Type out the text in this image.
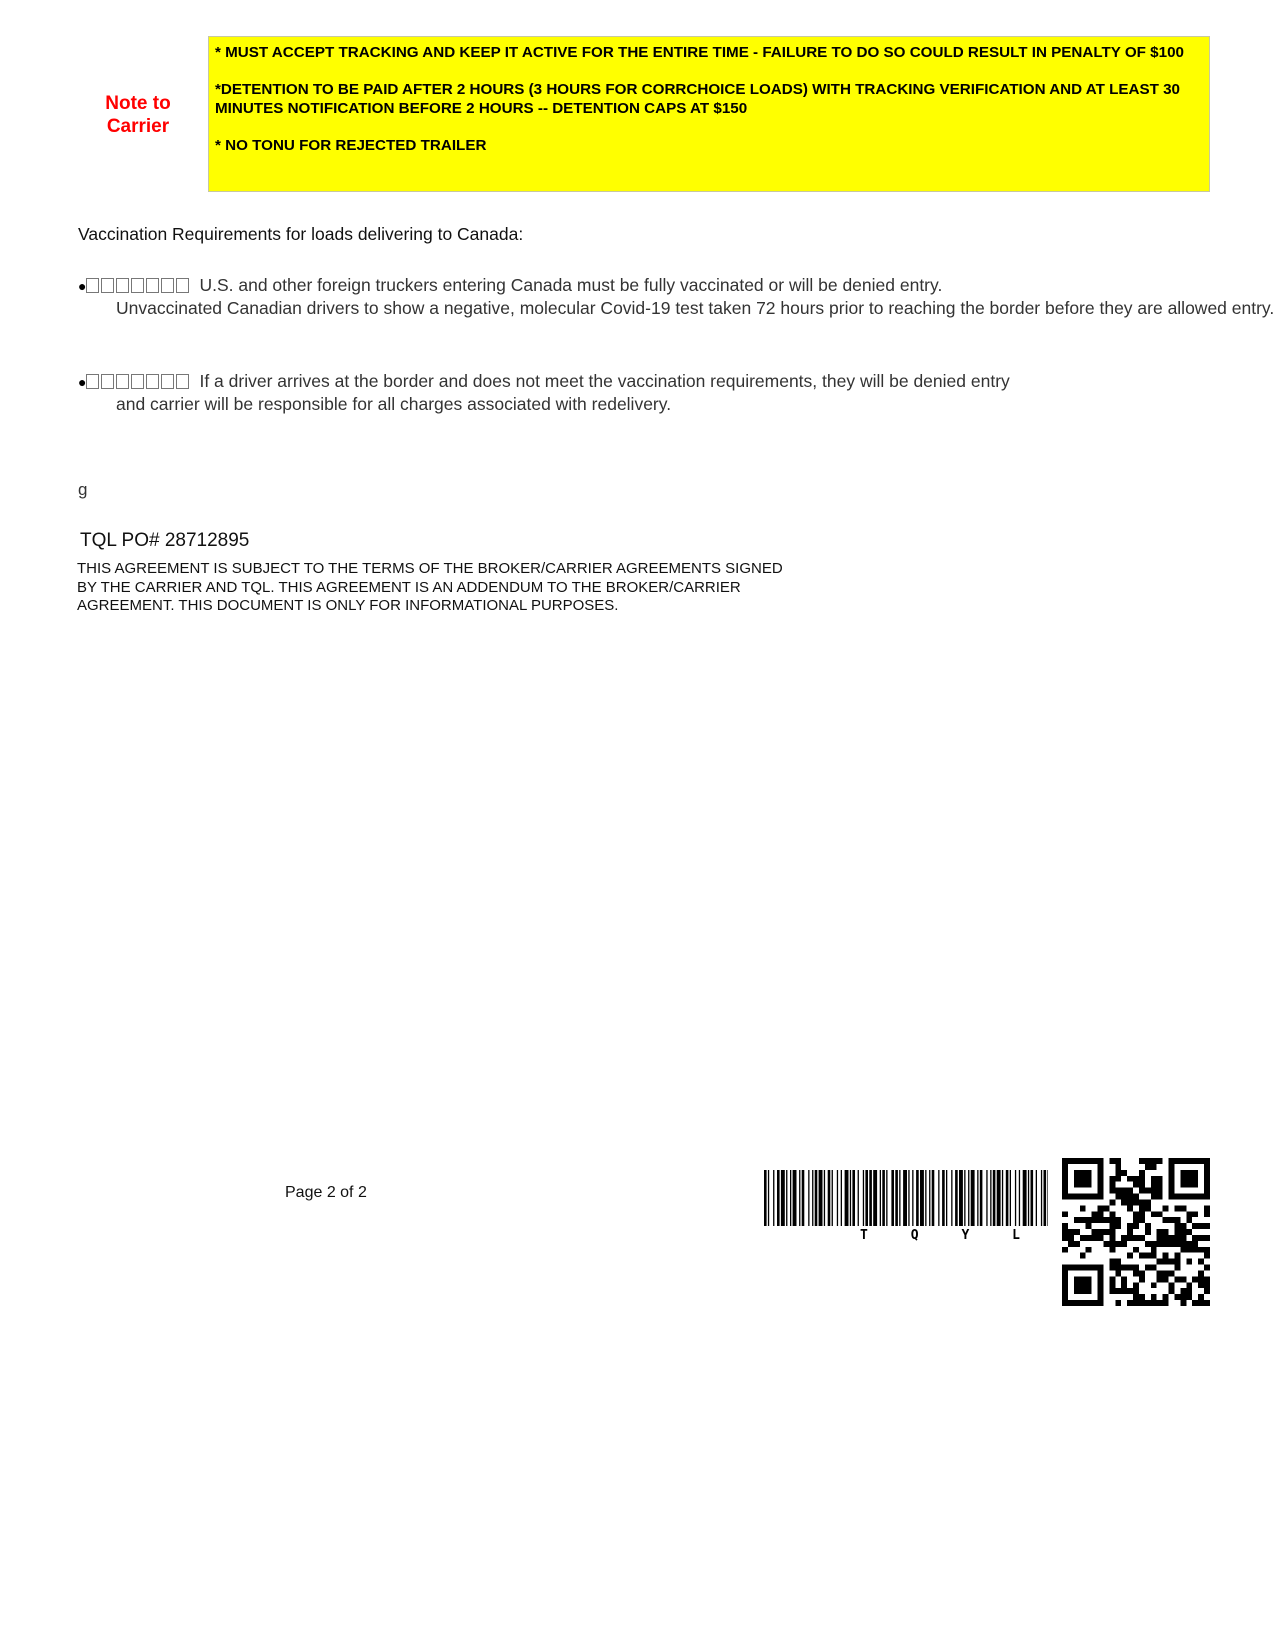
Note to Carrier

* MUST ACCEPT TRACKING AND KEEP IT ACTIVE FOR THE ENTIRE TIME - FAILURE TO DO SO COULD RESULT IN PENALTY OF $100

*DETENTION TO BE PAID AFTER 2 HOURS (3 HOURS FOR CORRCHOICE LOADS) WITH TRACKING VERIFICATION AND AT LEAST 30 MINUTES NOTIFICATION BEFORE 2 HOURS -- DETENTION CAPS AT $150

* NO TONU FOR REJECTED TRAILER

Vaccination Requirements for loads delivering to Canada:
●	U.S. and other foreign truckers entering Canada must be fully vaccinated or will be denied entry.
Unvaccinated Canadian drivers to show a negative, molecular Covid-19 test taken 72 hours prior to reaching the border before they are allowed entry.
●	If a driver arrives at the border and does not meet the vaccination requirements, they will be denied entry
and carrier will be responsible for all charges associated with redelivery.
g
TQL PO# 28712895
THIS AGREEMENT IS SUBJECT TO THE TERMS OF THE BROKER/CARRIER AGREEMENTS SIGNED BY THE CARRIER AND TQL. THIS AGREEMENT IS AN ADDENDUM TO THE BROKER/CARRIER AGREEMENT. THIS DOCUMENT IS ONLY FOR INFORMATIONAL PURPOSES.
Page 2 of 2
T	Q	Y	L
